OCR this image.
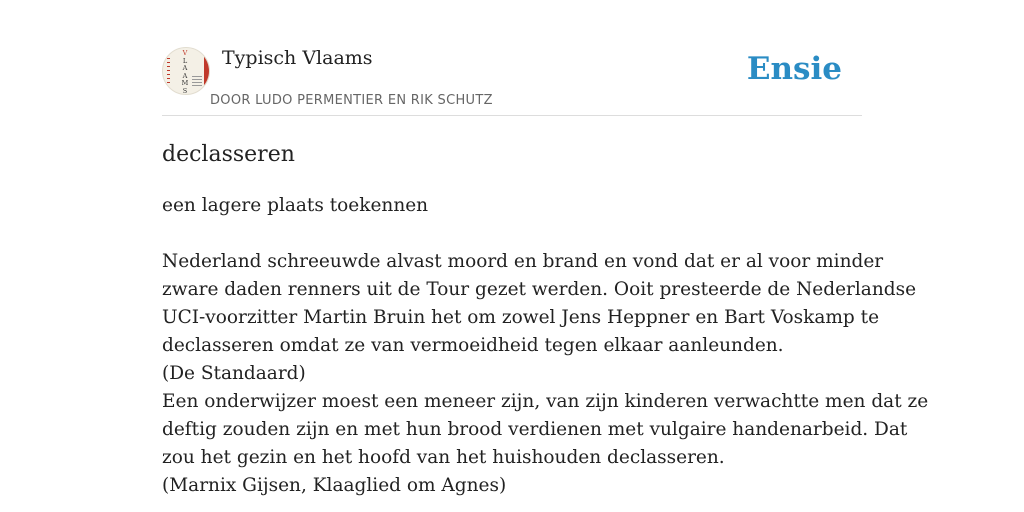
V
L
A
A
M
S
Typisch Vlaams
DOOR LUDO PERMENTIER EN RIK SCHUTZ
Ensie
declasseren
een lagere plaats toekennen
Nederland schreeuwde alvast moord en brand en vond dat er al voor minder
zware daden renners uit de Tour gezet werden. Ooit presteerde de Nederlandse
UCI-voorzitter Martin Bruin het om zowel Jens Heppner en Bart Voskamp te
declasseren omdat ze van vermoeidheid tegen elkaar aanleunden.
(De Standaard)
Een onderwijzer moest een meneer zijn, van zijn kinderen verwachtte men dat ze
deftig zouden zijn en met hun brood verdienen met vulgaire handenarbeid. Dat
zou het gezin en het hoofd van het huishouden declasseren.
(Marnix Gijsen, Klaaglied om Agnes)
